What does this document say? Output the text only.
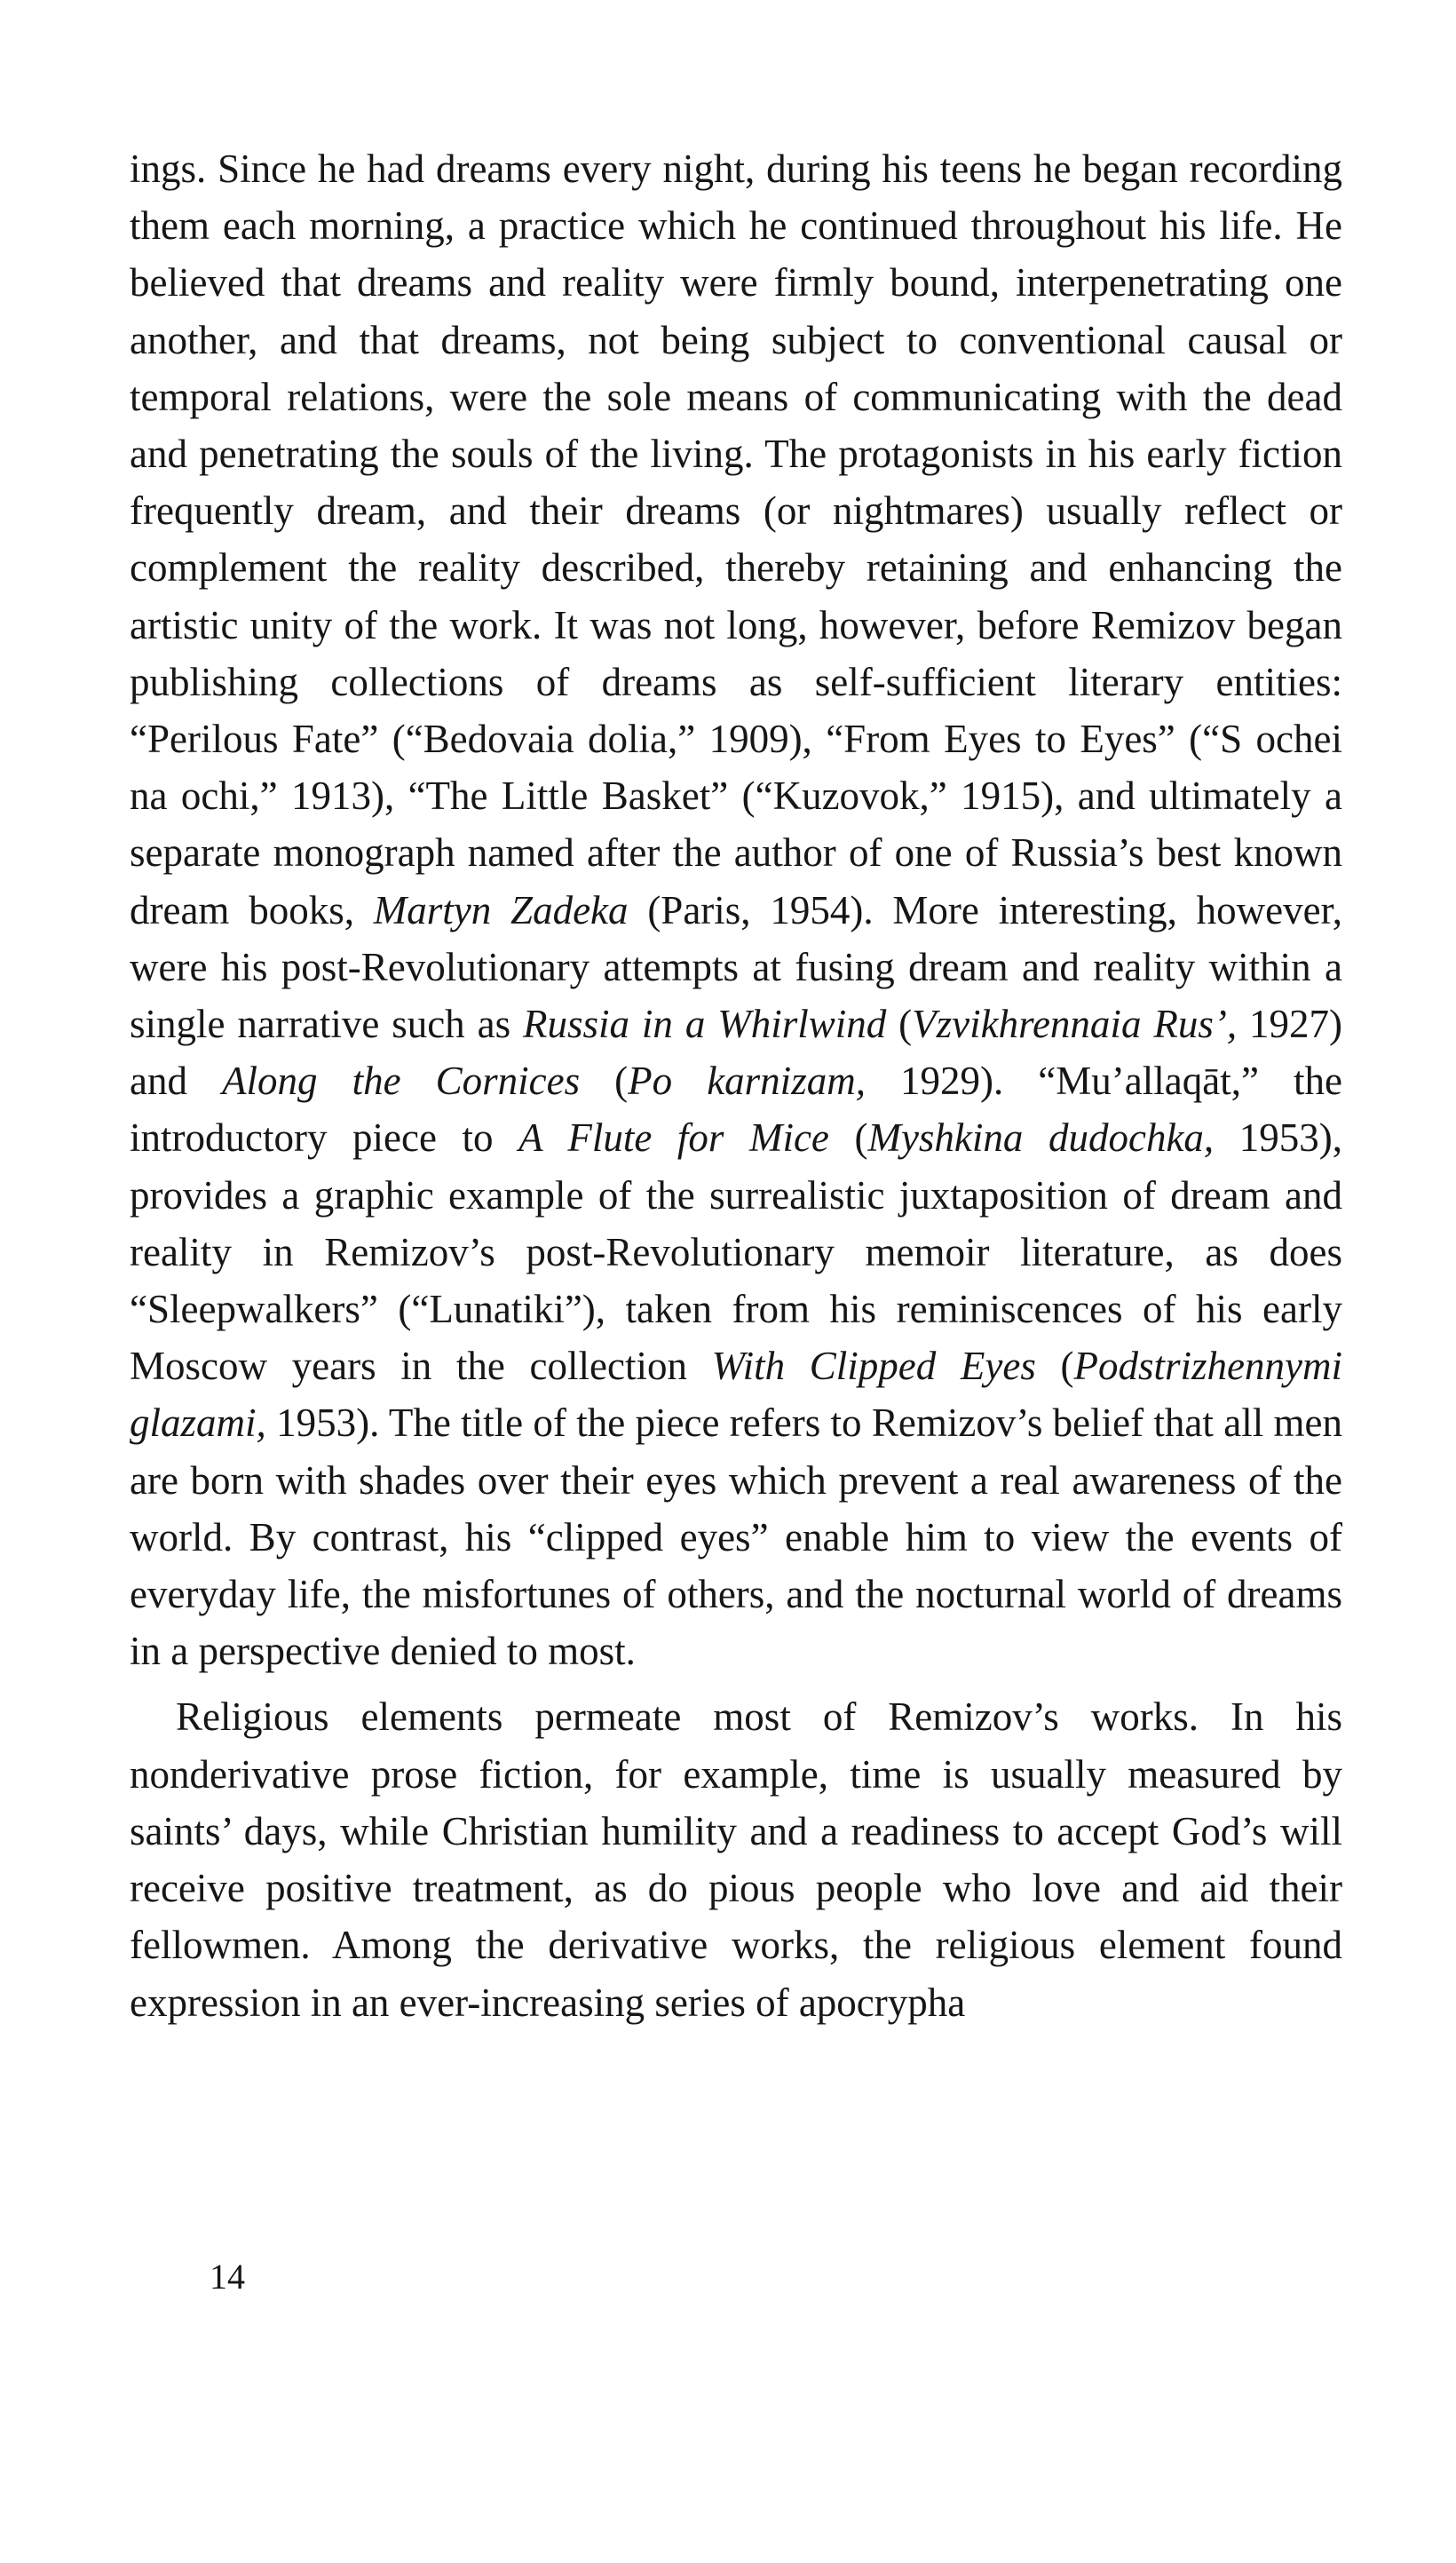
ings. Since he had dreams every night, during his teens he began recording them each morning, a practice which he continued throughout his life. He believed that dreams and reality were firmly bound, interpenetrating one another, and that dreams, not being subject to conventional causal or temporal relations, were the sole means of communicating with the dead and penetrating the souls of the living. The protagonists in his early fiction frequently dream, and their dreams (or nightmares) usually reflect or complement the reality described, thereby retaining and enhancing the artistic unity of the work. It was not long, however, before Remizov began publishing collections of dreams as self-sufficient literary entities: “Perilous Fate” (“Bedovaia dolia,” 1909), “From Eyes to Eyes” (“S ochei na ochi,” 1913), “The Little Basket” (“Kuzovok,” 1915), and ultimately a separate monograph named after the author of one of Russia’s best known dream books, Martyn Zadeka (Paris, 1954). More interesting, however, were his post-Revolutionary attempts at fusing dream and reality within a single narrative such as Russia in a Whirlwind (Vzvikhrennaia Rus’, 1927) and Along the Cornices (Po karnizam, 1929). “Mu’allaqāt,” the introductory piece to A Flute for Mice (Myshkina dudochka, 1953), provides a graphic example of the surrealistic juxtaposition of dream and reality in Remizov’s post-Revolutionary memoir literature, as does “Sleepwalkers” (“Lunatiki”), taken from his reminiscences of his early Moscow years in the collection With Clipped Eyes (Podstrizhennymi glazami, 1953). The title of the piece refers to Remizov’s belief that all men are born with shades over their eyes which prevent a real awareness of the world. By contrast, his “clipped eyes” enable him to view the events of everyday life, the misfortunes of others, and the nocturnal world of dreams in a perspective denied to most.

Religious elements permeate most of Remizov’s works. In his nonderivative prose fiction, for example, time is usually measured by saints’ days, while Christian humility and a readiness to accept God’s will receive positive treatment, as do pious people who love and aid their fellowmen. Among the derivative works, the religious element found expression in an ever-increasing series of apocrypha

14
